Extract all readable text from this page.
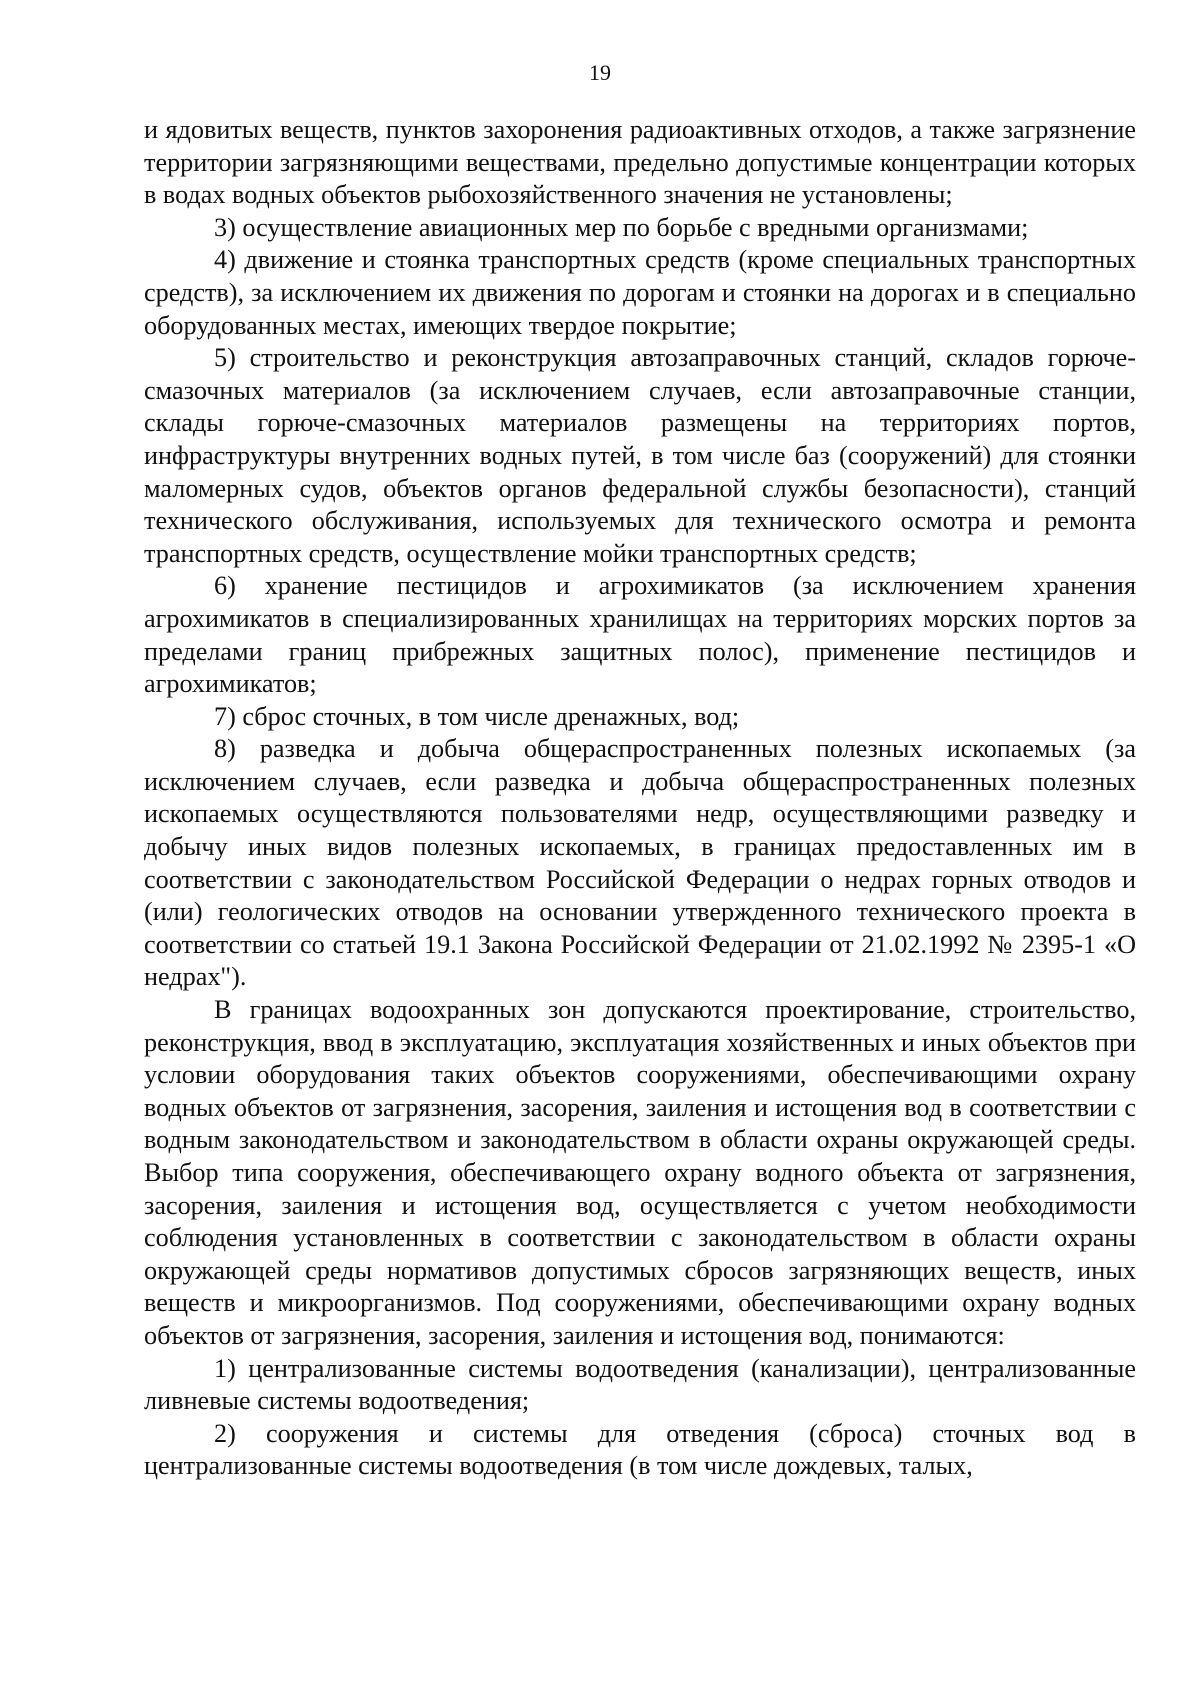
19

и ядовитых веществ, пунктов захоронения радиоактивных отходов, а также загрязнение территории загрязняющими веществами, предельно допустимые концентрации которых в водах водных объектов рыбохозяйственного значения не установлены;

3) осуществление авиационных мер по борьбе с вредными организмами;

4) движение и стоянка транспортных средств (кроме специальных транспортных средств), за исключением их движения по дорогам и стоянки на дорогах и в специально оборудованных местах, имеющих твердое покрытие;

5) строительство и реконструкция автозаправочных станций, складов горюче-смазочных материалов (за исключением случаев, если автозаправочные станции, склады горюче-смазочных материалов размещены на территориях портов, инфраструктуры внутренних водных путей, в том числе баз (сооружений) для стоянки маломерных судов, объектов органов федеральной службы безопасности), станций технического обслуживания, используемых для технического осмотра и ремонта транспортных средств, осуществление мойки транспортных средств;

6) хранение пестицидов и агрохимикатов (за исключением хранения агрохимикатов в специализированных хранилищах на территориях морских портов за пределами границ прибрежных защитных полос), применение пестицидов и агрохимикатов;

7) сброс сточных, в том числе дренажных, вод;

8) разведка и добыча общераспространенных полезных ископаемых (за исключением случаев, если разведка и добыча общераспространенных полезных ископаемых осуществляются пользователями недр, осуществляющими разведку и добычу иных видов полезных ископаемых, в границах предоставленных им в соответствии с законодательством Российской Федерации о недрах горных отводов и (или) геологических отводов на основании утвержденного технического проекта в соответствии со статьей 19.1 Закона Российской Федерации от 21.02.1992 № 2395-1 «О недрах").

В границах водоохранных зон допускаются проектирование, строительство, реконструкция, ввод в эксплуатацию, эксплуатация хозяйственных и иных объектов при условии оборудования таких объектов сооружениями, обеспечивающими охрану водных объектов от загрязнения, засорения, заиления и истощения вод в соответствии с водным законодательством и законодательством в области охраны окружающей среды. Выбор типа сооружения, обеспечивающего охрану водного объекта от загрязнения, засорения, заиления и истощения вод, осуществляется с учетом необходимости соблюдения установленных в соответствии с законодательством в области охраны окружающей среды нормативов допустимых сбросов загрязняющих веществ, иных веществ и микроорганизмов. Под сооружениями, обеспечивающими охрану водных объектов от загрязнения, засорения, заиления и истощения вод, понимаются:

1) централизованные системы водоотведения (канализации), централизованные ливневые системы водоотведения;

2) сооружения и системы для отведения (сброса) сточных вод в централизованные системы водоотведения (в том числе дождевых, талых,
